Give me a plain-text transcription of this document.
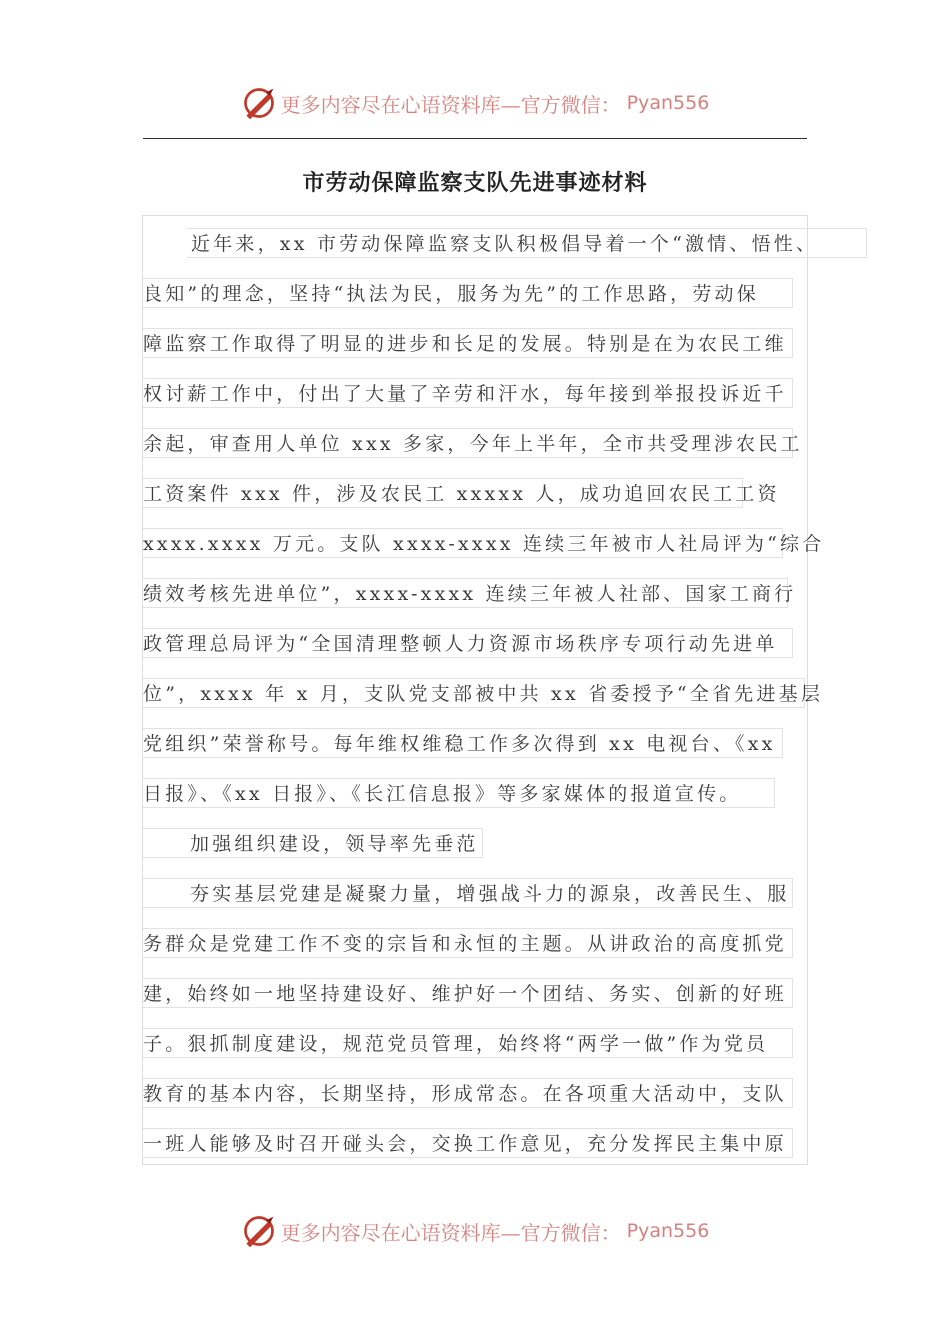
更多内容尽在心语资料库—官方微信： Pyan556
市劳动保障监察支队先进事迹材料
近年来，xx 市劳动保障监察支队积极倡导着一个“激情、悟性、
良知”的理念，坚持“执法为民，服务为先”的工作思路，劳动保
障监察工作取得了明显的进步和长足的发展。特别是在为农民工维
权讨薪工作中，付出了大量了辛劳和汗水，每年接到举报投诉近千
余起，审查用人单位 xxx 多家，今年上半年，全市共受理涉农民工
工资案件 xxx 件，涉及农民工 xxxxx 人，成功追回农民工工资
xxxx.xxxx 万元。支队 xxxx-xxxx 连续三年被市人社局评为“综合
绩效考核先进单位”，xxxx-xxxx 连续三年被人社部、国家工商行
政管理总局评为“全国清理整顿人力资源市场秩序专项行动先进单
位”，xxxx 年 x 月，支队党支部被中共 xx 省委授予“全省先进基层
党组织”荣誉称号。每年维权维稳工作多次得到 xx 电视台、《xx
日报》、《xx 日报》、《长江信息报》等多家媒体的报道宣传。
加强组织建设，领导率先垂范
夯实基层党建是凝聚力量，增强战斗力的源泉，改善民生、服
务群众是党建工作不变的宗旨和永恒的主题。从讲政治的高度抓党
建，始终如一地坚持建设好、维护好一个团结、务实、创新的好班
子。狠抓制度建设，规范党员管理，始终将“两学一做”作为党员
教育的基本内容，长期坚持，形成常态。在各项重大活动中，支队
一班人能够及时召开碰头会，交换工作意见，充分发挥民主集中原
更多内容尽在心语资料库—官方微信： Pyan556
